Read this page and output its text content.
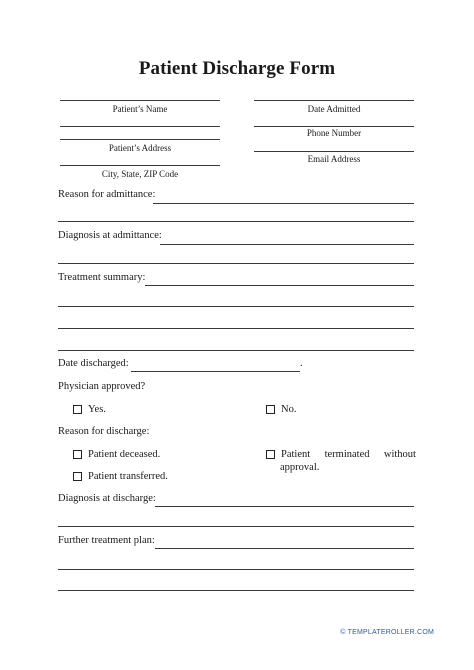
Patient Discharge Form
Patient’s Name
Patient’s Address
City, State, ZIP Code
Date Admitted
Phone Number
Email Address
Reason for admittance:
Diagnosis at admittance:
Treatment summary:
Date discharged:	.
Physician approved?
Yes.	No.
Reason for discharge:
Patient deceased.	Patient terminated without
approval.
Patient transferred.
Diagnosis at discharge:
Further treatment plan:
© TEMPLATEROLLER.COM
